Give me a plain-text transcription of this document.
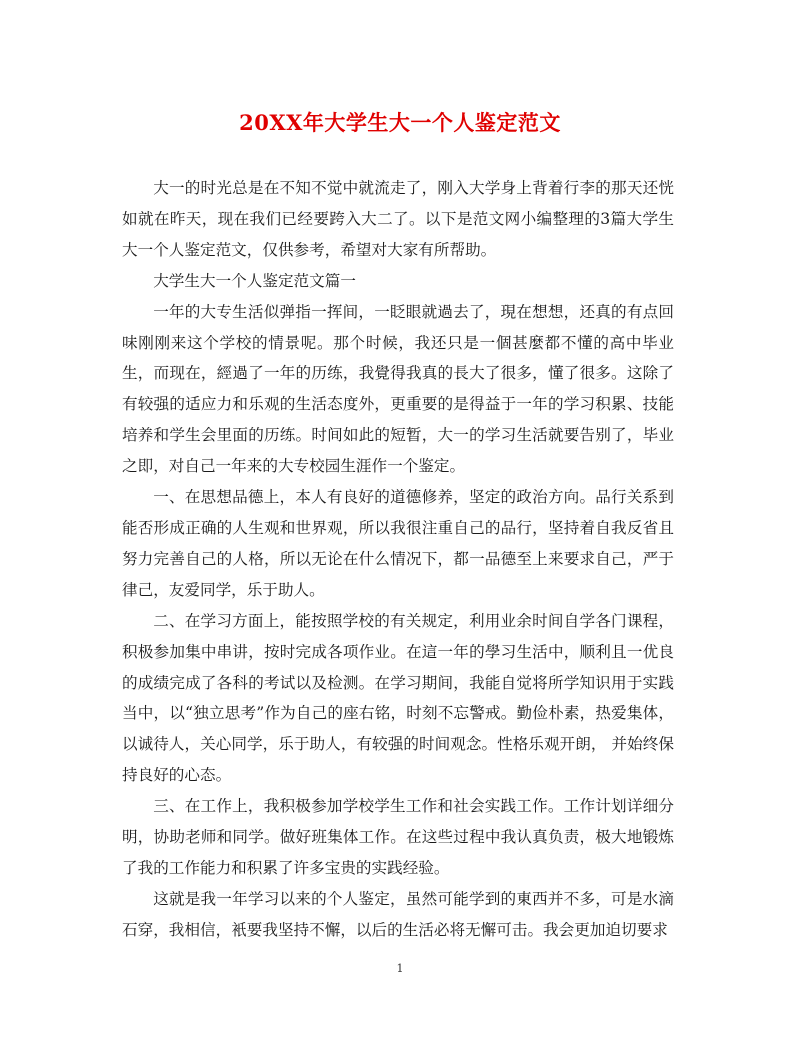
20XX年大学生大一个人鉴定范文

大一的时光总是在不知不觉中就流走了，刚入大学身上背着行李的那天还恍如就在昨天，现在我们已经要跨入大二了。以下是范文网小编整理的3篇大学生大一个人鉴定范文，仅供参考，希望对大家有所帮助。

大学生大一个人鉴定范文篇一

一年的大专生活似弹指一挥间，一眨眼就過去了，現在想想，还真的有点回味刚刚来这个学校的情景呢。那个时候，我还只是一個甚麼都不懂的高中毕业生，而现在，經過了一年的历练，我覺得我真的長大了很多，懂了很多。这除了有较强的适应力和乐观的生活态度外，更重要的是得益于一年的学习积累、技能培养和学生会里面的历练。时间如此的短暂，大一的学习生活就要告别了，毕业之即，对自己一年来的大专校园生涯作一个鉴定。

一、在思想品德上，本人有良好的道德修养，坚定的政治方向。品行关系到能否形成正确的人生观和世界观，所以我很注重自己的品行，坚持着自我反省且努力完善自己的人格，所以无论在什么情况下，都一品德至上来要求自己，严于律己，友爱同学，乐于助人。

二、在学习方面上，能按照学校的有关规定，利用业余时间自学各门课程，积极参加集中串讲，按时完成各项作业。在這一年的學习生活中，顺利且一优良的成绩完成了各科的考试以及检测。在学习期间，我能自觉将所学知识用于实践当中，以“独立思考”作为自己的座右铭，时刻不忘警戒。勤俭朴素，热爱集体，以诚待人，关心同学，乐于助人，有较强的时间观念。性格乐观开朗， 并始终保持良好的心态。

三、在工作上，我积极参加学校学生工作和社会实践工作。工作计划详细分明，协助老师和同学。做好班集体工作。在这些过程中我认真负责，极大地锻炼了我的工作能力和积累了许多宝贵的实践经验。

这就是我一年学习以来的个人鉴定，虽然可能学到的東西并不多，可是水滴石穿，我相信，衹要我坚持不懈，以后的生活必将无懈可击。我会更加迫切要求

1
